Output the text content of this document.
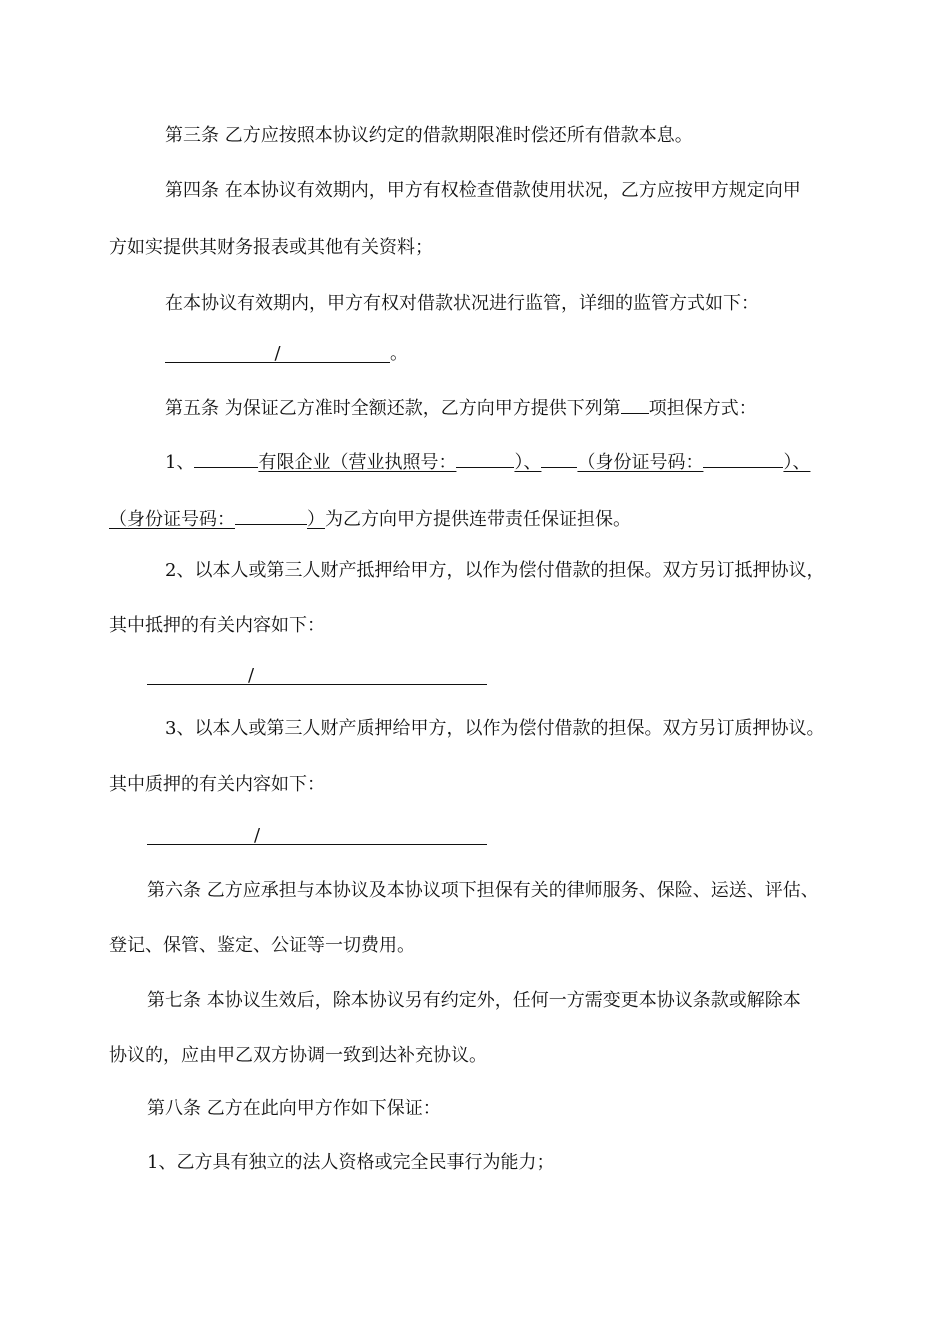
第三条 乙方应按照本协议约定的借款期限准时偿还所有借款本息。
第四条 在本协议有效期内，甲方有权检查借款使用状况，乙方应按甲方规定向甲
方如实提供其财务报表或其他有关资料；
在本协议有效期内，甲方有权对借款状况进行监管，详细的监管方式如下：
/	。
第五条 为保证乙方准时全额还款，乙方向甲方提供下列第 项担保方式：
1、	有限企业（营业执照号：	）、 （身份证号码：	）、
（身份证号码：	）为乙方向甲方提供连带责任保证担保。
2、以本人或第三人财产抵押给甲方，以作为偿付借款的担保。双方另订抵押协议，
其中抵押的有关内容如下：
/
3、以本人或第三人财产质押给甲方，以作为偿付借款的担保。双方另订质押协议。
其中质押的有关内容如下：
/
第六条 乙方应承担与本协议及本协议项下担保有关的律师服务、保险、运送、评估、
登记、保管、鉴定、公证等一切费用。
第七条 本协议生效后，除本协议另有约定外，任何一方需变更本协议条款或解除本
协议的，应由甲乙双方协调一致到达补充协议。
第八条 乙方在此向甲方作如下保证：
1、乙方具有独立的法人资格或完全民事行为能力；
